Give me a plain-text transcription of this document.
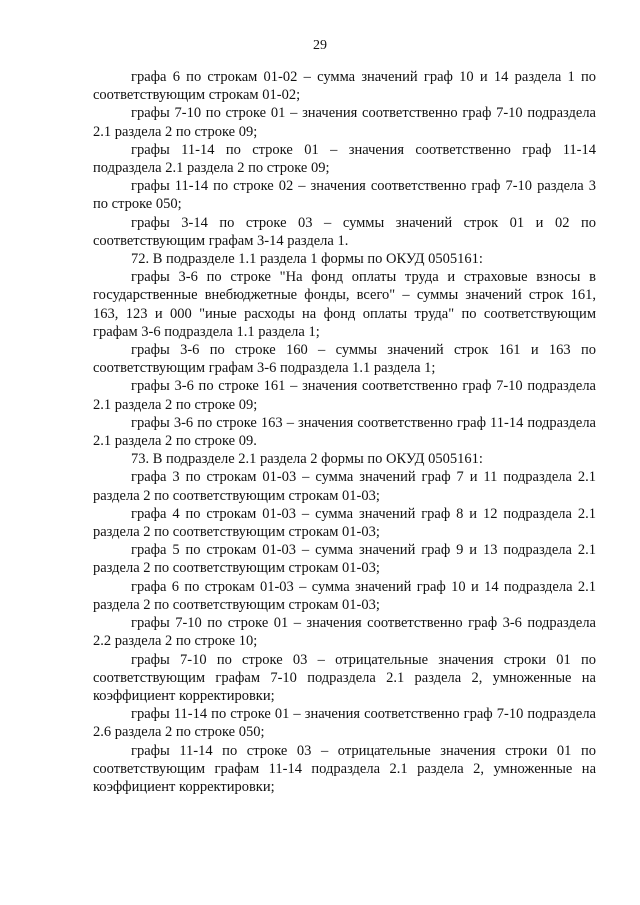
29

графа 6 по строкам 01-02 – сумма значений граф 10 и 14 раздела 1 по соответствующим строкам 01-02;

графы 7-10 по строке 01 – значения соответственно граф 7-10 подраздела 2.1 раздела 2 по строке 09;

графы 11-14 по строке 01 – значения соответственно граф 11-14 подраздела 2.1 раздела 2 по строке 09;

графы 11-14 по строке 02 – значения соответственно граф 7-10 раздела 3 по строке 050;

графы 3-14 по строке 03 – суммы значений строк 01 и 02 по соответствующим графам 3-14 раздела 1.

72. В подразделе 1.1 раздела 1 формы по ОКУД 0505161:

графы 3-6 по строке "На фонд оплаты труда и страховые взносы в государственные внебюджетные фонды, всего" – суммы значений строк 161, 163, 123 и 000 "иные расходы на фонд оплаты труда" по соответствующим графам 3-6 подраздела 1.1 раздела 1;

графы 3-6 по строке 160 – суммы значений строк 161 и 163 по соответствующим графам 3-6 подраздела 1.1 раздела 1;

графы 3-6 по строке 161 – значения соответственно граф 7-10 подраздела 2.1 раздела 2 по строке 09;

графы 3-6 по строке 163 – значения соответственно граф 11-14 подраздела 2.1 раздела 2 по строке 09.

73. В подразделе 2.1 раздела 2 формы по ОКУД 0505161:

графа 3 по строкам 01-03 – сумма значений граф 7 и 11 подраздела 2.1 раздела 2 по соответствующим строкам 01-03;

графа 4 по строкам 01-03 – сумма значений граф 8 и 12 подраздела 2.1 раздела 2 по соответствующим строкам 01-03;

графа 5 по строкам 01-03 – сумма значений граф 9 и 13 подраздела 2.1 раздела 2 по соответствующим строкам 01-03;

графа 6 по строкам 01-03 – сумма значений граф 10 и 14 подраздела 2.1 раздела 2 по соответствующим строкам 01-03;

графы 7-10 по строке 01 – значения соответственно граф 3-6 подраздела 2.2 раздела 2 по строке 10;

графы 7-10 по строке 03 – отрицательные значения строки 01 по соответствующим графам 7-10 подраздела 2.1 раздела 2, умноженные на коэффициент корректировки;

графы 11-14 по строке 01 – значения соответственно граф 7-10 подраздела 2.6 раздела 2 по строке 050;

графы 11-14 по строке 03 – отрицательные значения строки 01 по соответствующим графам 11-14 подраздела 2.1 раздела 2, умноженные на коэффициент корректировки;
